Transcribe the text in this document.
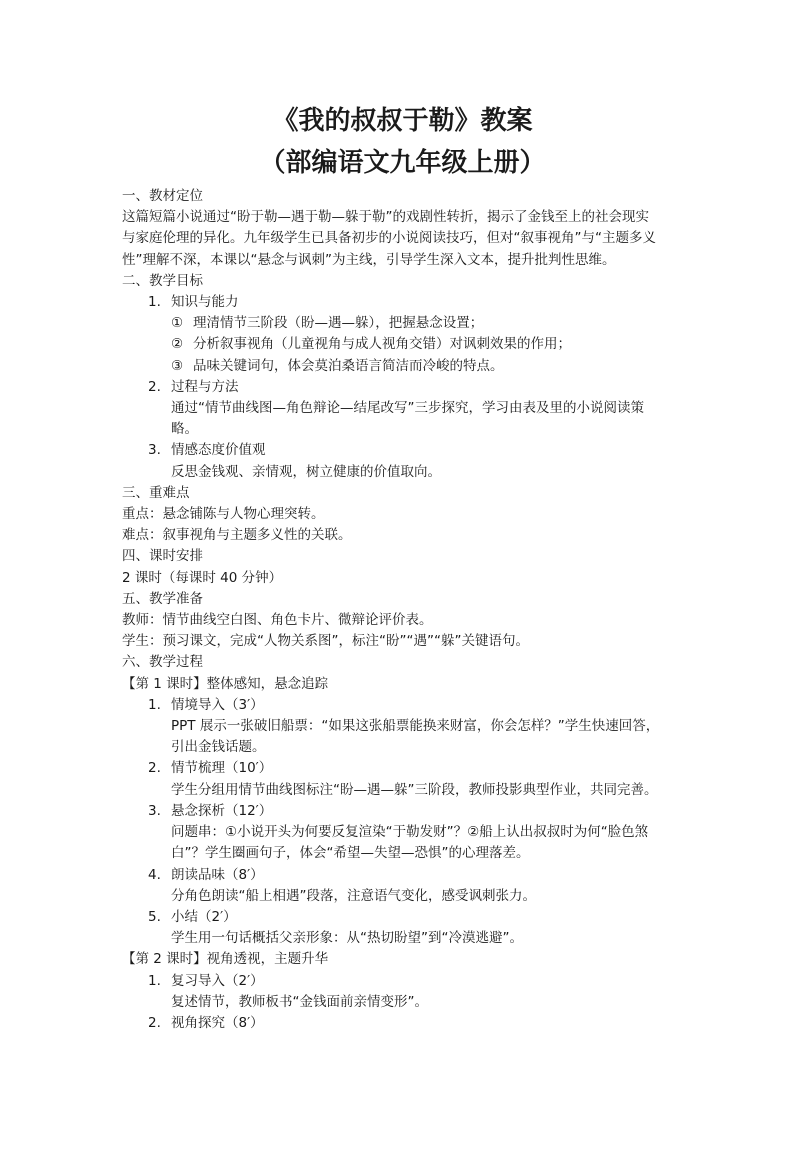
《我的叔叔于勒》教案
（部编语文九年级上册）

一、教材定位

这篇短篇小说通过“盼于勒—遇于勒—躲于勒”的戏剧性转折，揭示了金钱至上的社会现实

与家庭伦理的异化。九年级学生已具备初步的小说阅读技巧，但对“叙事视角”与“主题多义

性”理解不深，本课以“悬念与讽刺”为主线，引导学生深入文本，提升批判性思维。

二、教学目标

1. 知识与能力

① 理清情节三阶段（盼—遇—躲），把握悬念设置；

② 分析叙事视角（儿童视角与成人视角交错）对讽刺效果的作用；

③ 品味关键词句，体会莫泊桑语言简洁而冷峻的特点。

2. 过程与方法

通过“情节曲线图—角色辩论—结尾改写”三步探究，学习由表及里的小说阅读策

略。

3. 情感态度价值观

反思金钱观、亲情观，树立健康的价值取向。

三、重难点

重点：悬念铺陈与人物心理突转。

难点：叙事视角与主题多义性的关联。

四、课时安排

2 课时（每课时 40 分钟）

五、教学准备

教师：情节曲线空白图、角色卡片、微辩论评价表。

学生：预习课文，完成“人物关系图”，标注“盼”“遇”“躲”关键语句。

六、教学过程

【第 1 课时】整体感知，悬念追踪

1. 情境导入（3′）

PPT 展示一张破旧船票：“如果这张船票能换来财富，你会怎样？”学生快速回答，

引出金钱话题。

2. 情节梳理（10′）

学生分组用情节曲线图标注“盼—遇—躲”三阶段，教师投影典型作业，共同完善。

3. 悬念探析（12′）

问题串：①小说开头为何要反复渲染“于勒发财”？②船上认出叔叔时为何“脸色煞

白”？学生圈画句子，体会“希望—失望—恐惧”的心理落差。

4. 朗读品味（8′）

分角色朗读“船上相遇”段落，注意语气变化，感受讽刺张力。

5. 小结（2′）

学生用一句话概括父亲形象：从“热切盼望”到“冷漠逃避”。

【第 2 课时】视角透视，主题升华

1. 复习导入（2′）

复述情节，教师板书“金钱面前亲情变形”。

2. 视角探究（8′）
